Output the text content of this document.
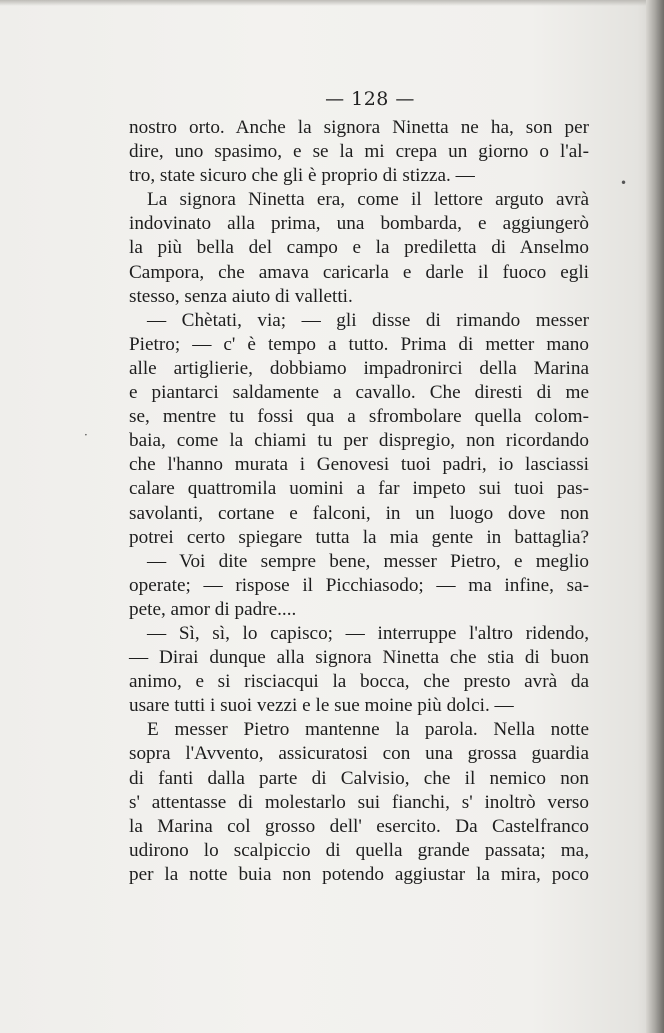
— 128 —
nostro orto. Anche la signora Ninetta ne ha, son per
dire, uno spasimo, e se la mi crepa un giorno o l'al-
tro, state sicuro che gli è proprio di stizza. —
La signora Ninetta era, come il lettore arguto avrà
indovinato alla prima, una bombarda, e aggiungerò
la più bella del campo e la prediletta di Anselmo
Campora, che amava caricarla e darle il fuoco egli
stesso, senza aiuto di valletti.
— Chètati, via; — gli disse di rimando messer
Pietro; — c' è tempo a tutto. Prima di metter mano
alle artiglierie, dobbiamo impadronirci della Marina
e piantarci saldamente a cavallo. Che diresti di me
se, mentre tu fossi qua a sfrombolare quella colom-
baia, come la chiami tu per dispregio, non ricordando
che l'hanno murata i Genovesi tuoi padri, io lasciassi
calare quattromila uomini a far impeto sui tuoi pas-
savolanti, cortane e falconi, in un luogo dove non
potrei certo spiegare tutta la mia gente in battaglia?
— Voi dite sempre bene, messer Pietro, e meglio
operate; — rispose il Picchiasodo; — ma infine, sa-
pete, amor di padre....
— Sì, sì, lo capisco; — interruppe l'altro ridendo,
— Dirai dunque alla signora Ninetta che stia di buon
animo, e si risciacqui la bocca, che presto avrà da
usare tutti i suoi vezzi e le sue moine più dolci. —
E messer Pietro mantenne la parola. Nella notte
sopra l'Avvento, assicuratosi con una grossa guardia
di fanti dalla parte di Calvisio, che il nemico non
s' attentasse di molestarlo sui fianchi, s' inoltrò verso
la Marina col grosso dell' esercito. Da Castelfranco
udirono lo scalpiccio di quella grande passata; ma,
per la notte buia non potendo aggiustar la mira, poco
•
·
